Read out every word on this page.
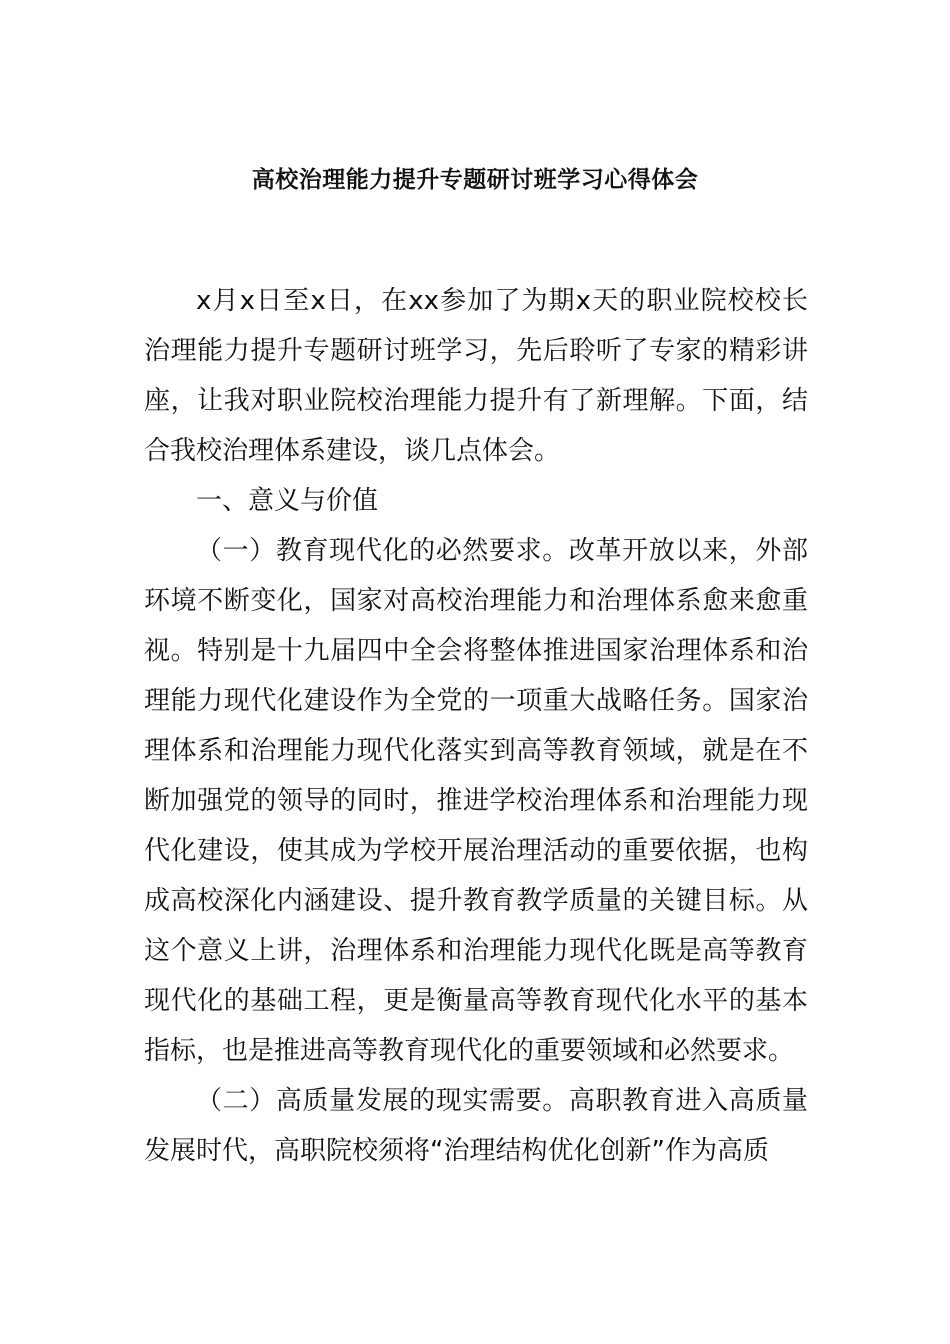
高校治理能力提升专题研讨班学习心得体会

x月x日至x日，在xx参加了为期x天的职业院校校长治理能力提升专题研讨班学习，先后聆听了专家的精彩讲座，让我对职业院校治理能力提升有了新理解。下面，结合我校治理体系建设，谈几点体会。

一、意义与价值

（一）教育现代化的必然要求。改革开放以来，外部环境不断变化，国家对高校治理能力和治理体系愈来愈重视。特别是十九届四中全会将整体推进国家治理体系和治理能力现代化建设作为全党的一项重大战略任务。国家治理体系和治理能力现代化落实到高等教育领域，就是在不断加强党的领导的同时，推进学校治理体系和治理能力现代化建设，使其成为学校开展治理活动的重要依据，也构成高校深化内涵建设、提升教育教学质量的关键目标。从这个意义上讲，治理体系和治理能力现代化既是高等教育现代化的基础工程，更是衡量高等教育现代化水平的基本指标，也是推进高等教育现代化的重要领域和必然要求。

（二）高质量发展的现实需要。高职教育进入高质量发展时代，高职院校须将“治理结构优化创新”作为高质
